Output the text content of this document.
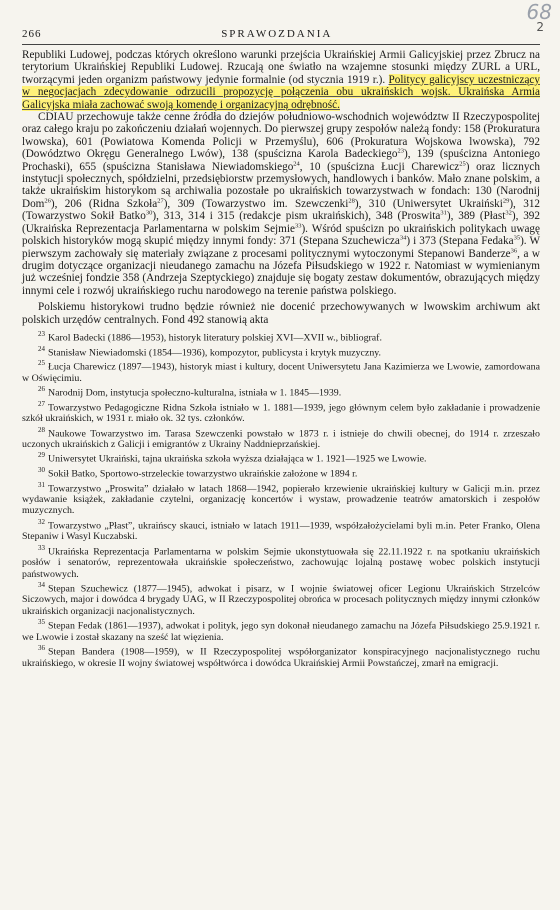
68
2
266	SPRAWOZDANIA

Republiki Ludowej, podczas których określono warunki przejścia Ukraińskiej Armii Galicyjskiej przez Zbrucz na terytorium Ukraińskiej Republiki Ludowej. Rzucają one światło na wzajemne stosunki między ZURL a URL, tworzącymi jeden organizm państwowy jedynie formalnie (od stycznia 1919 r.). Politycy galicyjscy uczestniczący w negocjacjach zdecydowanie odrzucili propozycję połączenia obu ukraińskich wojsk. Ukraińska Armia Galicyjska miała zachować swoją komendę i organizacyjną odrębność.

CDIAU przechowuje także cenne źródła do dziejów południowo-wschodnich województw II Rzeczypospolitej oraz całego kraju po zakończeniu działań wojennych. Do pierwszej grupy zespołów należą fondy: 158 (Prokuratura lwowska), 601 (Powiatowa Komenda Policji w Przemyślu), 606 (Prokuratura Wojskowa lwowska), 792 (Dowództwo Okręgu Generalnego Lwów), 138 (spuścizna Karola Badeckiego$^{23}$), 139 (spuścizna Antoniego Prochaski), 655 (spuścizna Stanisława Niewiadomskiego$^{24}$, 10 (spuścizna Łucji Charewicz$^{25}$) oraz licznych instytucji społecznych, spółdzielni, przedsiębiorstw przemysłowych, handlowych i banków. Mało znane polskim, a także ukraińskim historykom są archiwalia pozostałe po ukraińskich towarzystwach w fondach: 130 (Narodnij Dom$^{26}$), 206 (Ridna Szkoła$^{27}$), 309 (Towarzystwo im. Szewczenki$^{28}$), 310 (Uniwersytet Ukraiński$^{29}$), 312 (Towarzystwo Sokił Batko$^{30}$), 313, 314 i 315 (redakcje pism ukraińskich), 348 (Proswita$^{31}$), 389 (Płast$^{32}$), 392 (Ukraińska Reprezentacja Parlamentarna w polskim Sejmie$^{33}$). Wśród spuścizn po ukraińskich politykach uwagę polskich historyków mogą skupić między innymi fondy: 371 (Stepana Szuchewicza$^{34}$) i 373 (Stepana Fedaka$^{35}$). W pierwszym zachowały się materiały związane z procesami politycznymi wytoczonymi Stepanowi Banderze$^{36}$, a w drugim dotyczące organizacji nieudanego zamachu na Józefa Piłsudskiego w 1922 r. Natomiast w wymienianym już wcześniej fondzie 358 (Andrzeja Szeptyckiego) znajduje się bogaty zestaw dokumentów, obrazujących między innymi cele i rozwój ukraińskiego ruchu narodowego na terenie państwa polskiego.

Polskiemu historykowi trudno będzie również nie docenić przechowywanych w lwowskim archiwum akt polskich urzędów centralnych. Fond 492 stanowią akta

$^{23}$ Karol Badecki (1886—1953), historyk literatury polskiej XVI—XVII w., bibliograf.

$^{24}$ Stanisław Niewiadomski (1854—1936), kompozytor, publicysta i krytyk muzyczny.

$^{25}$ Łucja Charewicz (1897—1943), historyk miast i kultury, docent Uniwersytetu Jana Kazimierza we Lwowie, zamordowana w Oświęcimiu.

$^{26}$ Narodnij Dom, instytucja społeczno-kulturalna, istniała w 1. 1845—1939.

$^{27}$ Towarzystwo Pedagogiczne Ridna Szkoła istniało w 1. 1881—1939, jego głównym celem było zakładanie i prowadzenie szkół ukraińskich, w 1931 r. miało ok. 32 tys. członków.

$^{28}$ Naukowe Towarzystwo im. Tarasa Szewczenki powstało w 1873 r. i istnieje do chwili obecnej, do 1914 r. zrzeszało uczonych ukraińskich z Galicji i emigrantów z Ukrainy Naddnieprzańskiej.

$^{29}$ Uniwersytet Ukraiński, tajna ukraińska szkoła wyższa działająca w 1. 1921—1925 we Lwowie.

$^{30}$ Sokił Batko, Sportowo-strzeleckie towarzystwo ukraińskie założone w 1894 r.

$^{31}$ Towarzystwo „Proswita” działało w latach 1868—1942, popierało krzewienie ukraińskiej kultury w Galicji m.in. przez wydawanie książek, zakładanie czytelni, organizację koncertów i wystaw, prowadzenie teatrów amatorskich i zespołów muzycznych.

$^{32}$ Towarzystwo „Płast”, ukraińscy skauci, istniało w latach 1911—1939, współzałożycielami byli m.in. Peter Franko, Olena Stepaniw i Wasyl Kuczabski.

$^{33}$ Ukraińska Reprezentacja Parlamentarna w polskim Sejmie ukonstytuowała się 22.11.1922 r. na spotkaniu ukraińskich posłów i senatorów, reprezentowała ukraińskie społeczeństwo, zachowując lojalną postawę wobec polskich instytucji państwowych.

$^{34}$ Stepan Szuchewicz (1877—1945), adwokat i pisarz, w I wojnie światowej oficer Legionu Ukraińskich Strzelców Siczowych, major i dowódca 4 brygady UAG, w II Rzeczypospolitej obrońca w procesach politycznych między innymi członków ukraińskich organizacji nacjonalistycznych.

$^{35}$ Stepan Fedak (1861—1937), adwokat i polityk, jego syn dokonał nieudanego zamachu na Józefa Piłsudskiego 25.9.1921 r. we Lwowie i został skazany na sześć lat więzienia.

$^{36}$ Stepan Bandera (1908—1959), w II Rzeczypospolitej współorganizator konspiracyjnego nacjonalistycznego ruchu ukraińskiego, w okresie II wojny światowej współtwórca i dowódca Ukraińskiej Armii Powstańczej, zmarł na emigracji.
